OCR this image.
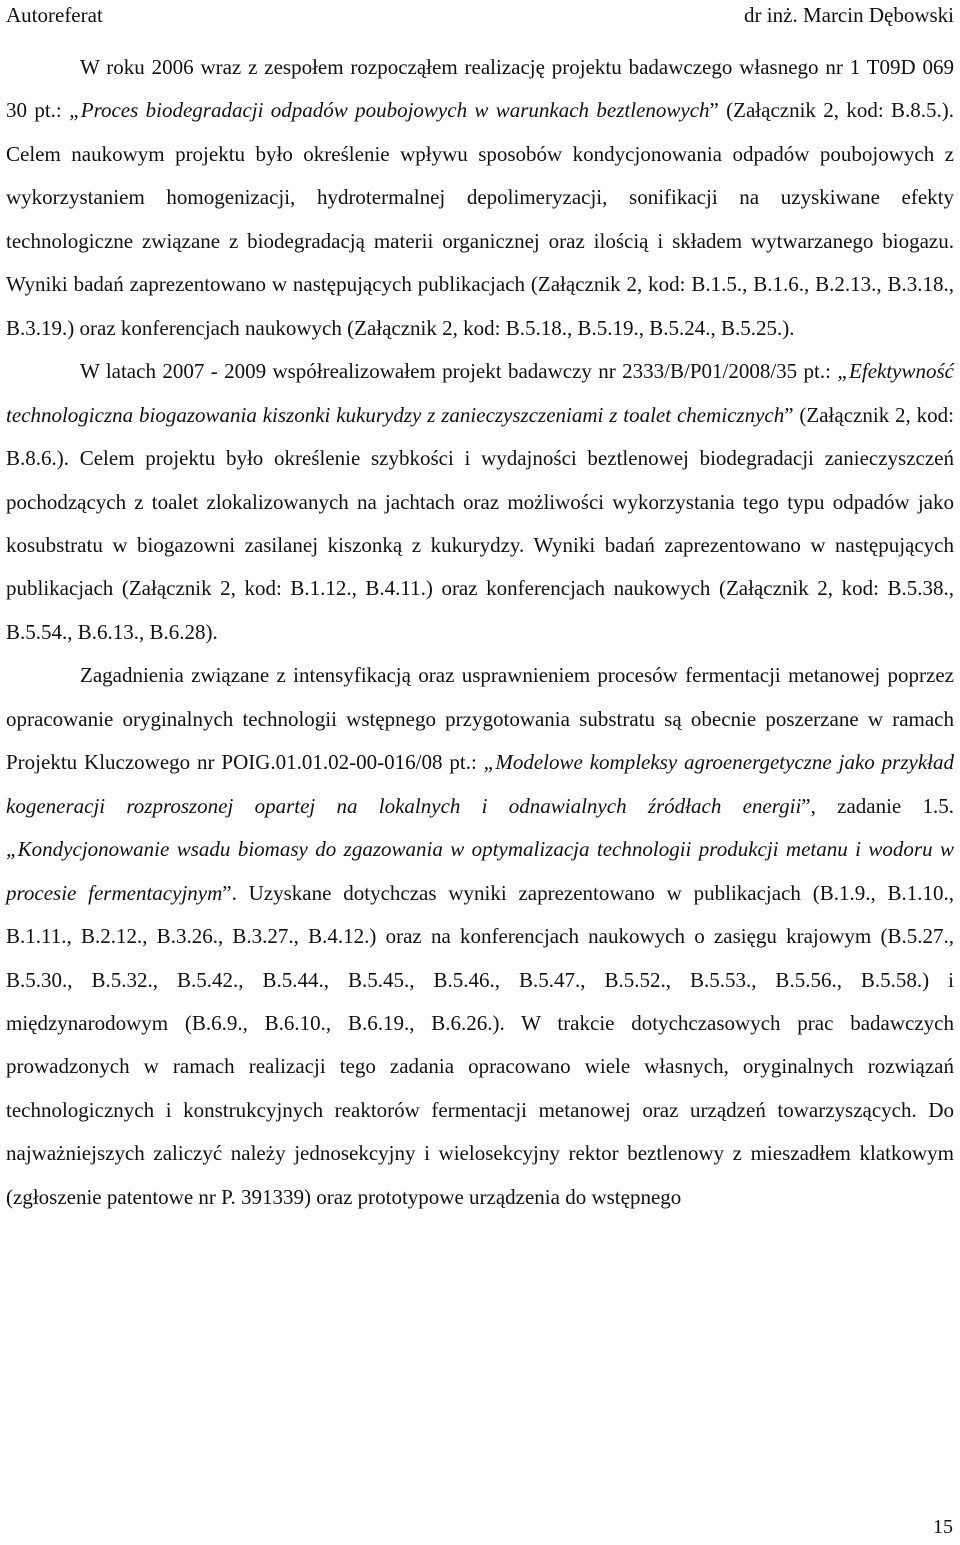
Autoreferat	dr inż. Marcin Dębowski

W roku 2006 wraz z zespołem rozpocząłem realizację projektu badawczego własnego nr 1 T09D 069 30 pt.: „Proces biodegradacji odpadów poubojowych w warunkach beztlenowych” (Załącznik 2, kod: B.8.5.). Celem naukowym projektu było określenie wpływu sposobów kondycjonowania odpadów poubojowych z wykorzystaniem homogenizacji, hydrotermalnej depolimeryzacji, sonifikacji na uzyskiwane efekty technologiczne związane z biodegradacją materii organicznej oraz ilością i składem wytwarzanego biogazu. Wyniki badań zaprezentowano w następujących publikacjach (Załącznik 2, kod: B.1.5., B.1.6., B.2.13., B.3.18., B.3.19.) oraz konferencjach naukowych (Załącznik 2, kod: B.5.18., B.5.19., B.5.24., B.5.25.).

W latach 2007 - 2009 współrealizowałem projekt badawczy nr 2333/B/P01/2008/35 pt.: „Efektywność technologiczna biogazowania kiszonki kukurydzy z zanieczyszczeniami z toalet chemicznych” (Załącznik 2, kod: B.8.6.). Celem projektu było określenie szybkości i wydajności beztlenowej biodegradacji zanieczyszczeń pochodzących z toalet zlokalizowanych na jachtach oraz możliwości wykorzystania tego typu odpadów jako kosubstratu w biogazowni zasilanej kiszonką z kukurydzy. Wyniki badań zaprezentowano w następujących publikacjach (Załącznik 2, kod: B.1.12., B.4.11.) oraz konferencjach naukowych (Załącznik 2, kod: B.5.38., B.5.54., B.6.13., B.6.28).

Zagadnienia związane z intensyfikacją oraz usprawnieniem procesów fermentacji metanowej poprzez opracowanie oryginalnych technologii wstępnego przygotowania substratu są obecnie poszerzane w ramach Projektu Kluczowego nr POIG.01.01.02-00-016/08 pt.: „Modelowe kompleksy agroenergetyczne jako przykład kogeneracji rozproszonej opartej na lokalnych i odnawialnych źródłach energii”, zadanie 1.5. „Kondycjonowanie wsadu biomasy do zgazowania w optymalizacja technologii produkcji metanu i wodoru w procesie fermentacyjnym”. Uzyskane dotychczas wyniki zaprezentowano w publikacjach (B.1.9., B.1.10., B.1.11., B.2.12., B.3.26., B.3.27., B.4.12.) oraz na konferencjach naukowych o zasięgu krajowym (B.5.27., B.5.30., B.5.32., B.5.42., B.5.44., B.5.45., B.5.46., B.5.47., B.5.52., B.5.53., B.5.56., B.5.58.) i międzynarodowym (B.6.9., B.6.10., B.6.19., B.6.26.). W trakcie dotychczasowych prac badawczych prowadzonych w ramach realizacji tego zadania opracowano wiele własnych, oryginalnych rozwiązań technologicznych i konstrukcyjnych reaktorów fermentacji metanowej oraz urządzeń towarzyszących. Do najważniejszych zaliczyć należy jednosekcyjny i wielosekcyjny rektor beztlenowy z mieszadłem klatkowym (zgłoszenie patentowe nr P. 391339) oraz prototypowe urządzenia do wstępnego

15
